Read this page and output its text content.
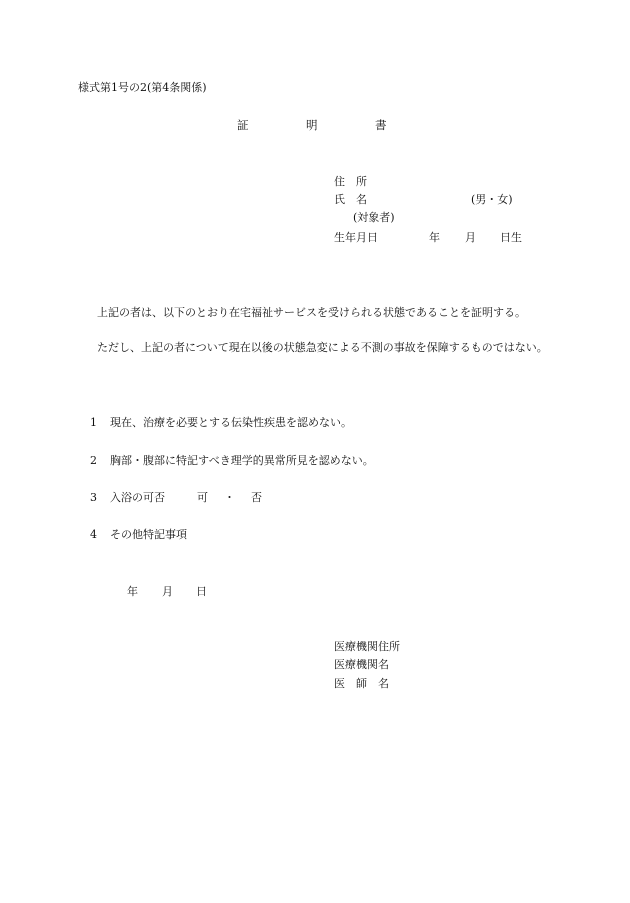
様式第1号の2(第4条関係)
証	明	書
住　所
氏　名	(男・女)
(対象者)
生年月日	年 月 日生

上記の者は、以下のとおり在宅福祉サービスを受けられる状態であることを証明する。

ただし、上記の者について現在以後の状態急変による不測の事故を保障するものではない。

1 現在、治療を必要とする伝染性疾患を認めない。
2 胸部・腹部に特記すべき理学的異常所見を認めない。
3 入浴の可否	可 ・ 否
4 その他特記事項
年 月 日
医療機関住所
医療機関名
医　師　名
